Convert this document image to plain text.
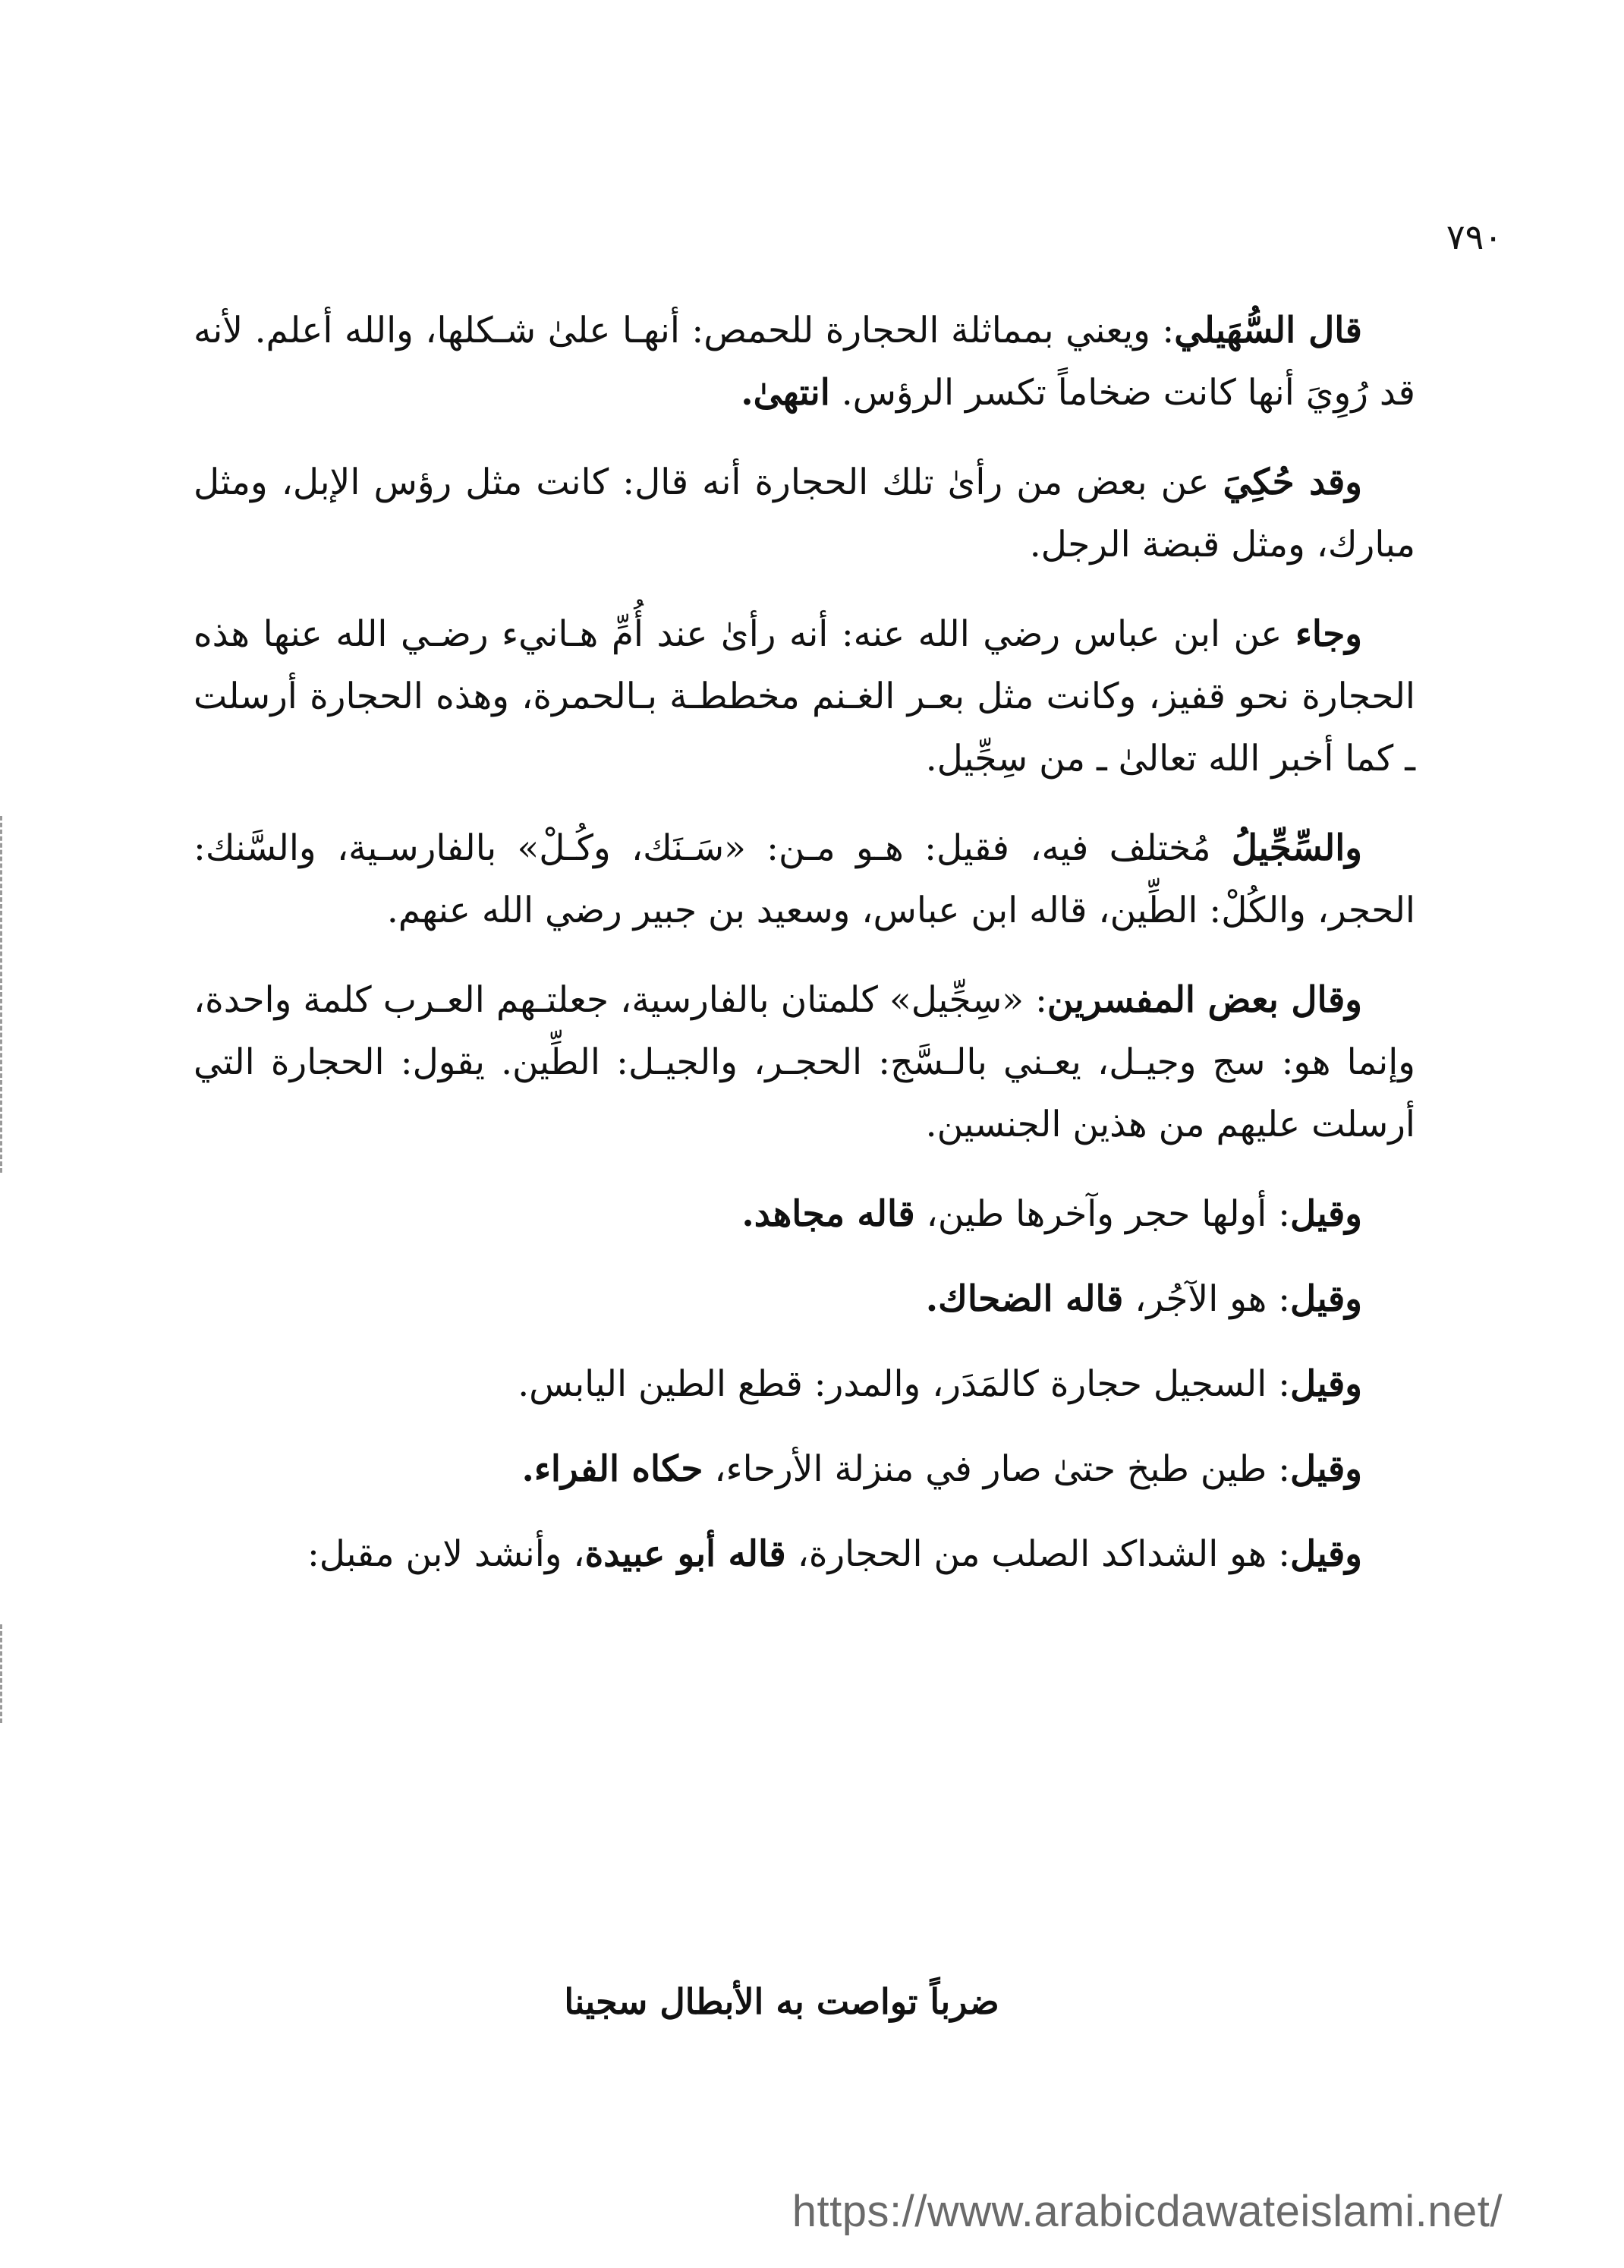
٧٩٠

قال السُّهَيلي: ويعني بمماثلة الحجارة للحمص: أنهـا علىٰ شـكلها، والله أعلم. لأنه قد رُوِيَ أنها كانت ضخاماً تكسر الرؤس. انتهىٰ.

وقد حُكِيَ عن بعض من رأىٰ تلك الحجارة أنه قال: كانت مثل رؤس الإبل، ومثل مبارك، ومثل قبضة الرجل.

وجاء عن ابن عباس رضي الله عنه: أنه رأىٰ عند أُمِّ هـانيء رضـي الله عنها هذه الحجارة نحو قفيز، وكانت مثل بعـر الغـنم مخططـة بـالحمرة، وهذه الحجارة أرسلت ـ كما أخبر الله تعالىٰ ـ من سِجِّيل.

والسِّجِّيلُ مُختلف فيه، فقيل: هـو مـن: «سَـنَك، وكُـلْ» بالفارسـية، والسَّنك: الحجر، والكُلْ: الطِّين، قاله ابن عباس، وسعيد بن جبير رضي الله عنهم.

وقال بعض المفسرين: «سِجِّيل» كلمتان بالفارسية، جعلتـهم العـرب كلمة واحدة، وإنما هو: سج وجيـل، يعـني بالـسَّج: الحجـر، والجيـل: الطِّين. يقول: الحجارة التي أرسلت عليهم من هذين الجنسين.

وقيل: أولها حجر وآخرها طين، قاله مجاهد.

وقيل: هو الآجُر، قاله الضحاك.

وقيل: السجيل حجارة كالمَدَر، والمدر: قطع الطين اليابس.

وقيل: طين طبخ حتىٰ صار في منزلة الأرحاء، حكاه الفراء.

وقيل: هو الشداكد الصلب من الحجارة، قاله أبو عبيدة، وأنشد لابن مقبل:

ضرباً تواصت به الأبطال سجينا
https://www.arabicdawateislami.net/
